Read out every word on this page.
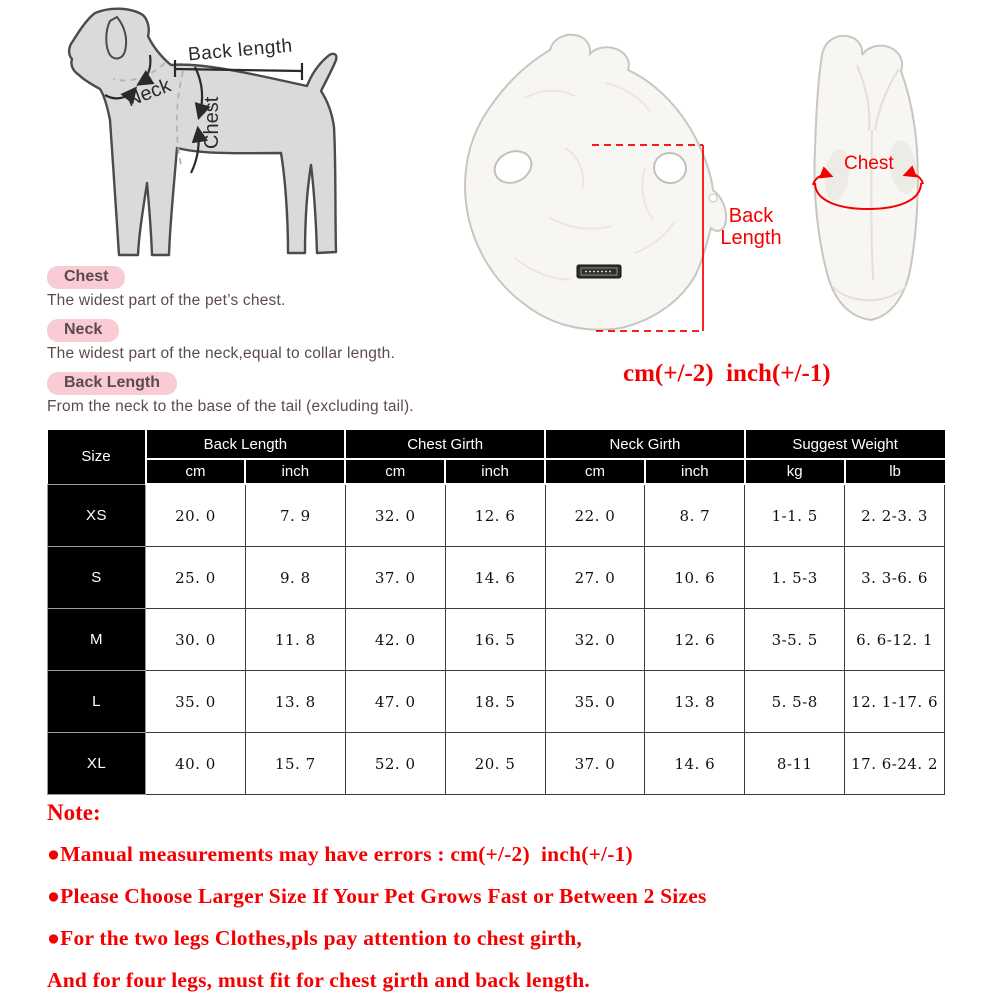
Back length
Neck
Chest
Back
Length
Chest
cm(+/-2)  inch(+/-1)
Chest
The widest part of the pet’s chest.
Neck
The widest part of the neck,equal to collar length.
Back Length
From the neck to the base of the tail (excluding tail).
Size	Back Length		Chest Girth		Neck Girth		Suggest Weight	
	cm	inch	cm	inch	cm	inch	kg	lb
XS	20. 0	7. 9	32. 0	12. 6	22. 0	8. 7	1-1. 5	2. 2-3. 3
S	25. 0	9. 8	37. 0	14. 6	27. 0	10. 6	1. 5-3	3. 3-6. 6
M	30. 0	11. 8	42. 0	16. 5	32. 0	12. 6	3-5. 5	6. 6-12. 1
L	35. 0	13. 8	47. 0	18. 5	35. 0	13. 8	5. 5-8	12. 1-17. 6
XL	40. 0	15. 7	52. 0	20. 5	37. 0	14. 6	8-11	17. 6-24. 2
Note:
●Manual measurements may have errors : cm(+/-2)  inch(+/-1)
●Please Choose Larger Size If Your Pet Grows Fast or Between 2 Sizes
●For the two legs Clothes,pls pay attention to chest girth,
And for four legs, must fit for chest girth and back length.
